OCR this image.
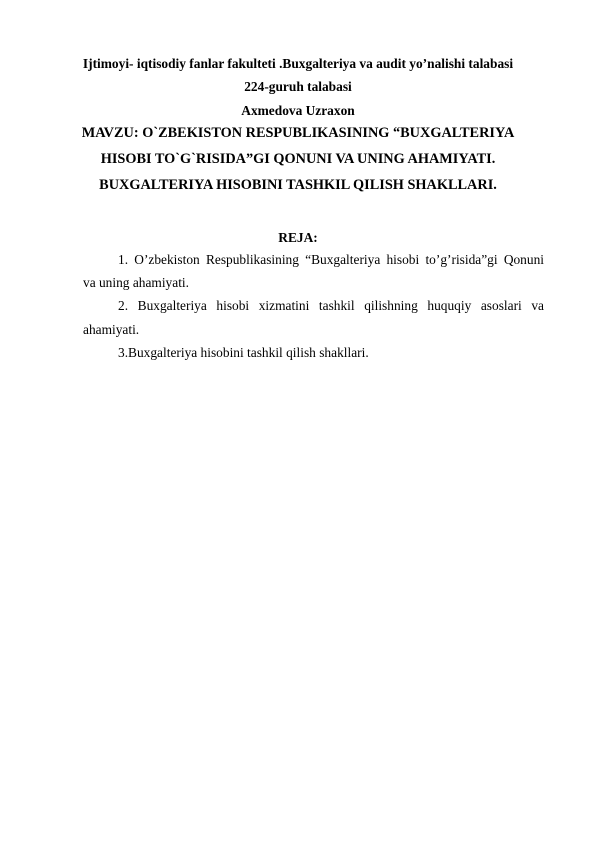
Ijtimoyi- iqtisodiy fanlar fakulteti .Buxgalteriya va audit yo’nalishi talabasi
224-guruh talabasi
Axmedova Uzraxon
MAVZU: O`ZBEKISTON RESPUBLIKASINING “BUXGALTERIYA
HISOBI TO`G`RISIDA”GI QONUNI VA UNING AHAMIYATI.
BUXGALTERIYA HISOBINI TASHKIL QILISH SHAKLLARI.
REJA:
1. O’zbekiston Respublikasining “Buxgalteriya hisobi to’g’risida”gi Qonuni
va uning ahamiyati.
2. Buxgalteriya hisobi xizmatini tashkil qilishning huquqiy asoslari va
ahamiyati.
3.Buxgalteriya hisobini tashkil qilish shakllari.
